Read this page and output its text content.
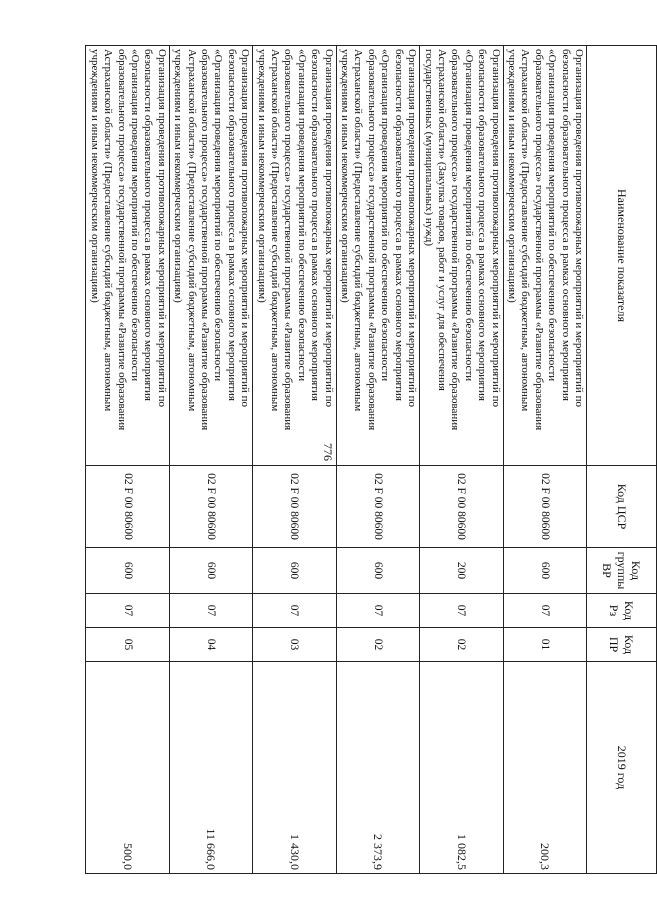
776
Наименование показателя	Код ЦСР	Код группы ВР	Код Рз	Код ПР	2019 год
Организация проведения противопожарных мероприятий и мероприятий по безопасности образовательного процесса в рамках основного мероприятия «Организация проведения мероприятий по обеспечению безопасности образовательного процесса» государственной программы «Развитие образования Астраханской области» (Предоставление субсидий бюджетным, автономным учреждениям и иным некоммерческим организациям)	02 F 00 80600	600	07	01	200,3
Организация проведения противопожарных мероприятий и мероприятий по безопасности образовательного процесса в рамках основного мероприятия «Организация проведения мероприятий по обеспечению безопасности образовательного процесса» государственной программы «Развитие образования Астраханской области» (Закупка товаров, работ и услуг для обеспечения государственных (муниципальных) нужд)	02 F 00 80600	200	07	02	1 082,5
Организация проведения противопожарных мероприятий и мероприятий по безопасности образовательного процесса в рамках основного мероприятия «Организация проведения мероприятий по обеспечению безопасности образовательного процесса» государственной программы «Развитие образования Астраханской области» (Предоставление субсидий бюджетным, автономным учреждениям и иным некоммерческим организациям)	02 F 00 80600	600	07	02	2 373,9
Организация проведения противопожарных мероприятий и мероприятий по безопасности образовательного процесса в рамках основного мероприятия «Организация проведения мероприятий по обеспечению безопасности образовательного процесса» государственной программы «Развитие образования Астраханской области» (Предоставление субсидий бюджетным, автономным учреждениям и иным некоммерческим организациям)	02 F 00 80600	600	07	03	1 430,0
Организация проведения противопожарных мероприятий и мероприятий по безопасности образовательного процесса в рамках основного мероприятия «Организация проведения мероприятий по обеспечению безопасности образовательного процесса» государственной программы «Развитие образования Астраханской области» (Предоставление субсидий бюджетным, автономным учреждениям и иным некоммерческим организациям)	02 F 00 80600	600	07	04	11 666,0
Организация проведения противопожарных мероприятий и мероприятий по безопасности образовательного процесса в рамках основного мероприятия «Организация проведения мероприятий по обеспечению безопасности образовательного процесса» государственной программы «Развитие образования Астраханской области» (Предоставление субсидий бюджетным, автономным учреждениям и иным некоммерческим организациям)	02 F 00 80600	600	07	05	500,0
